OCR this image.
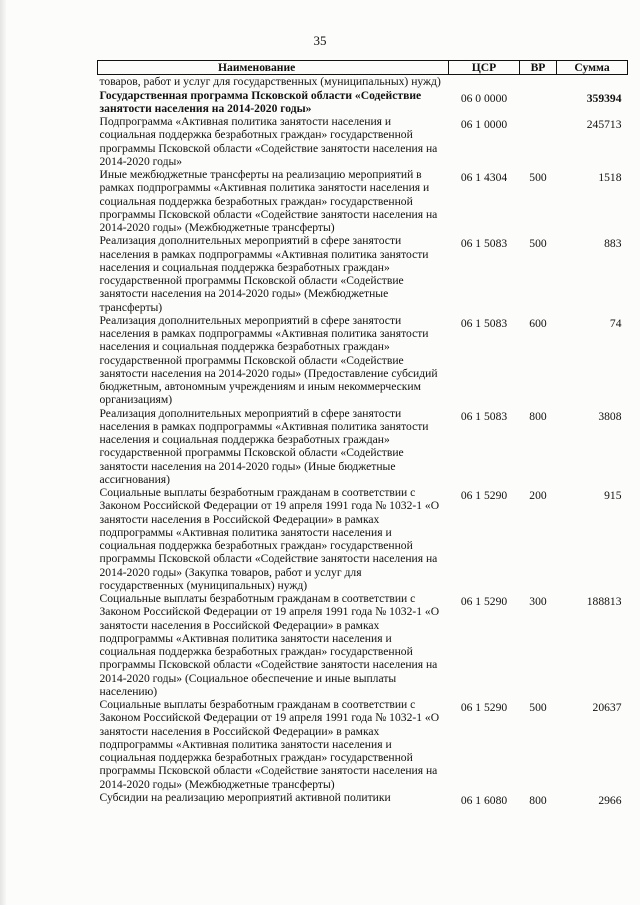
35
Наименование	ЦСР	ВР	Сумма
товаров, работ и услуг для государственных (муниципальных) нужд)			
Государственная программа Псковской области «Содействие занятости населения на 2014-2020 годы»	06 0 0000		359394
Подпрограмма «Активная политика занятости населения и социальная поддержка безработных граждан» государственной программы Псковской области «Содействие занятости населения на 2014-2020 годы»	06 1 0000		245713
Иные межбюджетные трансферты на реализацию мероприятий в рамках подпрограммы «Активная политика занятости населения и социальная поддержка безработных граждан» государственной программы Псковской области «Содействие занятости населения на 2014-2020 годы» (Межбюджетные трансферты)	06 1 4304	500	1518
Реализация дополнительных мероприятий в сфере занятости населения в рамках подпрограммы «Активная политика занятости населения и социальная поддержка безработных граждан» государственной программы Псковской области «Содействие занятости населения на 2014-2020 годы» (Межбюджетные трансферты)	06 1 5083	500	883
Реализация дополнительных мероприятий в сфере занятости населения в рамках подпрограммы «Активная политика занятости населения и социальная поддержка безработных граждан» государственной программы Псковской области «Содействие занятости населения на 2014-2020 годы» (Предоставление субсидий бюджетным, автономным учреждениям и иным некоммерческим организациям)	06 1 5083	600	74
Реализация дополнительных мероприятий в сфере занятости населения в рамках подпрограммы «Активная политика занятости населения и социальная поддержка безработных граждан» государственной программы Псковской области «Содействие занятости населения на 2014-2020 годы» (Иные бюджетные ассигнования)	06 1 5083	800	3808
Социальные выплаты безработным гражданам в соответствии с Законом Российской Федерации от 19 апреля 1991 года № 1032-1 «О занятости населения в Российской Федерации» в рамках подпрограммы «Активная политика занятости населения и социальная поддержка безработных граждан» государственной программы Псковской области «Содействие занятости населения на 2014-2020 годы» (Закупка товаров, работ и услуг для государственных (муниципальных) нужд)	06 1 5290	200	915
Социальные выплаты безработным гражданам в соответствии с Законом Российской Федерации от 19 апреля 1991 года № 1032-1 «О занятости населения в Российской Федерации» в рамках подпрограммы «Активная политика занятости населения и социальная поддержка безработных граждан» государственной программы Псковской области «Содействие занятости населения на 2014-2020 годы» (Социальное обеспечение и иные выплаты населению)	06 1 5290	300	188813
Социальные выплаты безработным гражданам в соответствии с Законом Российской Федерации от 19 апреля 1991 года № 1032-1 «О занятости населения в Российской Федерации» в рамках подпрограммы «Активная политика занятости населения и социальная поддержка безработных граждан» государственной программы Псковской области «Содействие занятости населения на 2014-2020 годы» (Межбюджетные трансферты)	06 1 5290	500	20637
Субсидии на реализацию мероприятий активной политики	06 1 6080	800	2966
